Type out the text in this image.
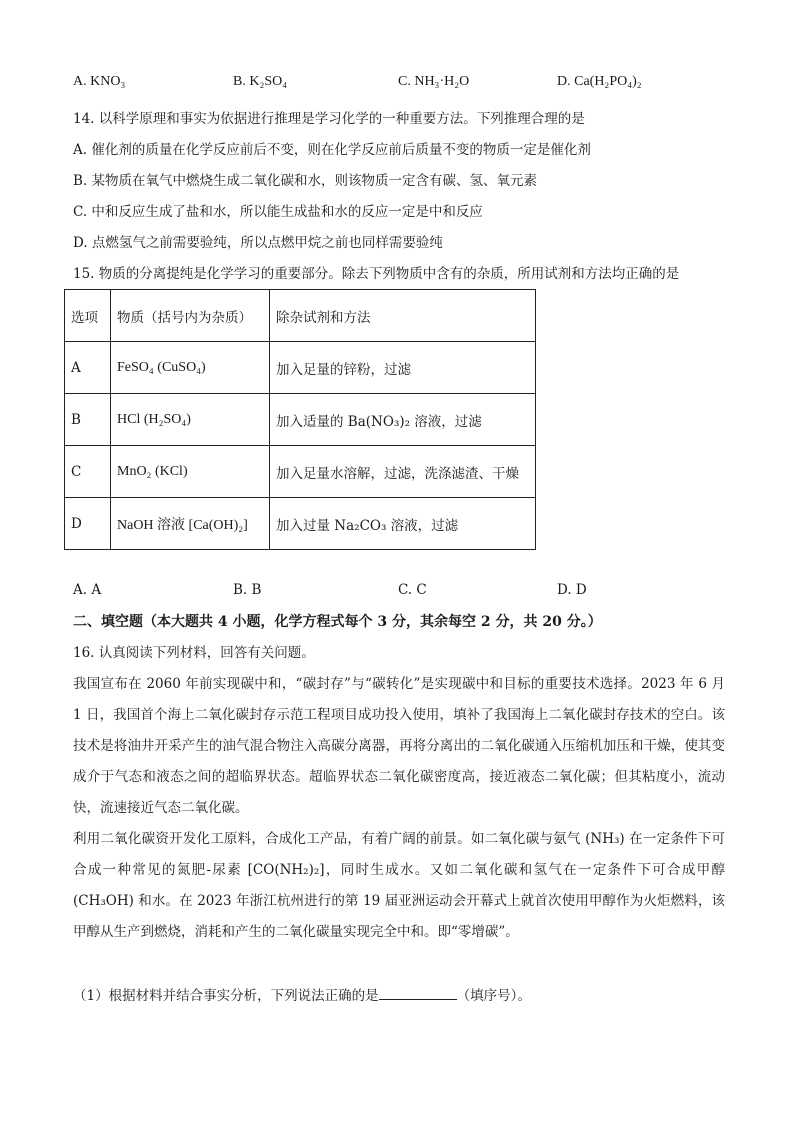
A. KNO₃	B. K₂SO₄	C. NH₃·H₂O	D. Ca(H₂PO₄)₂
14. 以科学原理和事实为依据进行推理是学习化学的一种重要方法。下列推理合理的是
A. 催化剂的质量在化学反应前后不变，则在化学反应前后质量不变的物质一定是催化剂
B. 某物质在氧气中燃烧生成二氧化碳和水，则该物质一定含有碳、氢、氧元素
C. 中和反应生成了盐和水，所以能生成盐和水的反应一定是中和反应
D. 点燃氢气之前需要验纯，所以点燃甲烷之前也同样需要验纯
15. 物质的分离提纯是化学学习的重要部分。除去下列物质中含有的杂质，所用试剂和方法均正确的是
选项	物质（括号内为杂质）	除杂试剂和方法
A	FeSO₄ (CuSO₄)	加入足量的锌粉，过滤
B	HCl (H₂SO₄)	加入适量的 Ba(NO₃)₂ 溶液，过滤
C	MnO₂ (KCl)	加入足量水溶解，过滤，洗涤滤渣、干燥
D	NaOH 溶液 [Ca(OH)₂]	加入过量 Na₂CO₃ 溶液，过滤
A. A	B. B	C. C	D. D
二、填空题（本大题共 4 小题，化学方程式每个 3 分，其余每空 2 分，共 20 分。）
16. 认真阅读下列材料，回答有关问题。
我国宣布在 2060 年前实现碳中和，“碳封存”与“碳转化”是实现碳中和目标的重要技术选择。2023 年 6 月 1 日，我国首个海上二氧化碳封存示范工程项目成功投入使用，填补了我国海上二氧化碳封存技术的空白。该技术是将油井开采产生的油气混合物注入高碳分离器，再将分离出的二氧化碳通入压缩机加压和干燥，使其变成介于气态和液态之间的超临界状态。超临界状态二氧化碳密度高，接近液态二氧化碳；但其粘度小，流动快，流速接近气态二氧化碳。
利用二氧化碳资开发化工原料，合成化工产品，有着广阔的前景。如二氧化碳与氨气 (NH₃) 在一定条件下可合成一种常见的氮肥-尿素 [CO(NH₂)₂]，同时生成水。又如二氧化碳和氢气在一定条件下可合成甲醇 (CH₃OH) 和水。在 2023 年浙江杭州进行的第 19 届亚洲运动会开幕式上就首次使用甲醇作为火炬燃料，该甲醇从生产到燃烧，消耗和产生的二氧化碳量实现完全中和。即“零增碳”。
（1）根据材料并结合事实分析，下列说法正确的是	（填序号）。
